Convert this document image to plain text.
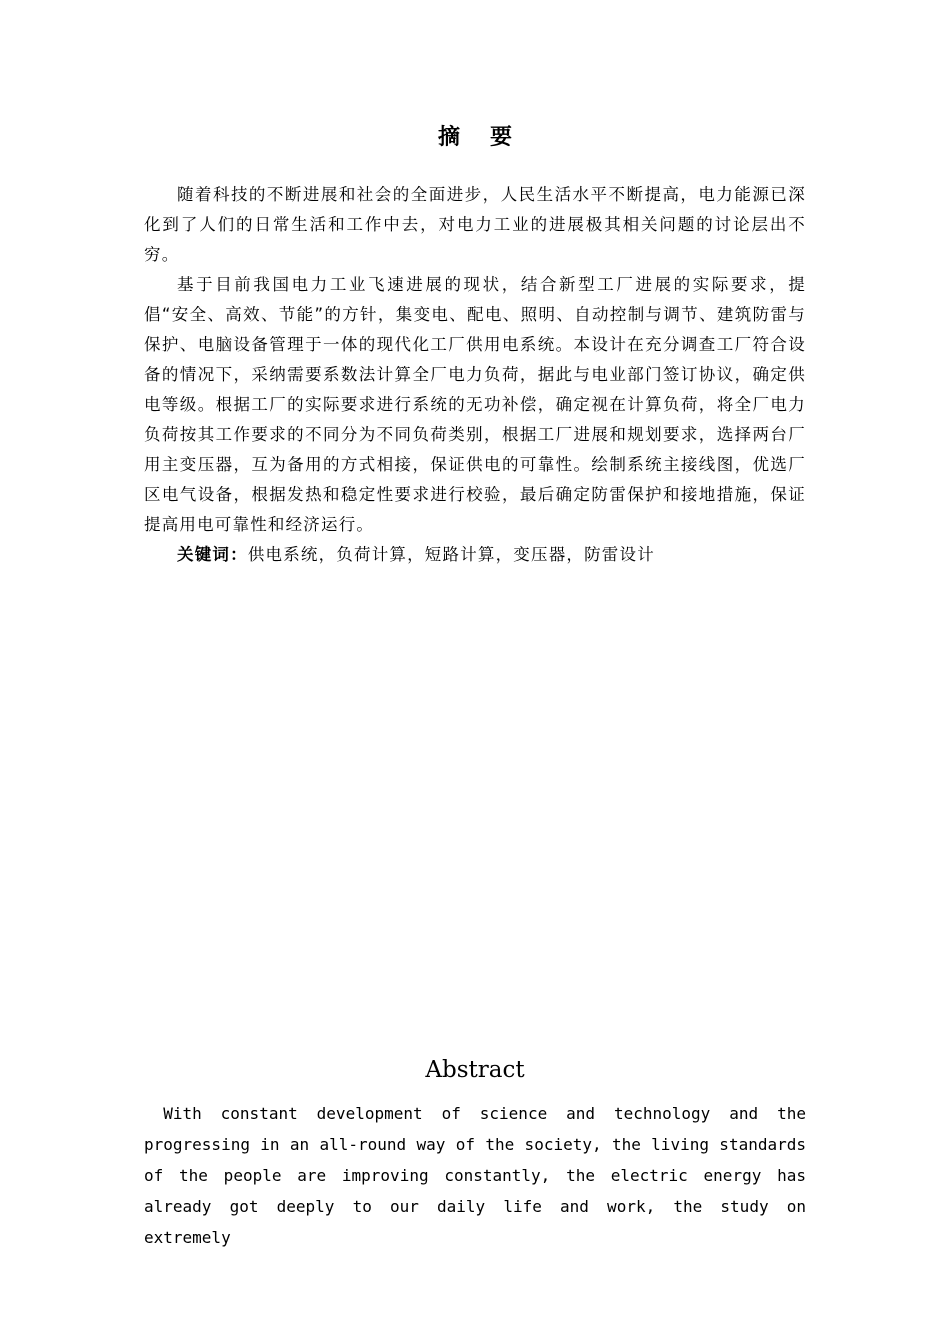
摘要

随着科技的不断进展和社会的全面进步，人民生活水平不断提高，电力能源已深化到了人们的日常生活和工作中去，对电力工业的进展极其相关问题的讨论层出不穷。

基于目前我国电力工业飞速进展的现状，结合新型工厂进展的实际要求，提倡“安全、高效、节能”的方针，集变电、配电、照明、自动控制与调节、建筑防雷与保护、电脑设备管理于一体的现代化工厂供用电系统。本设计在充分调查工厂符合设备的情况下，采纳需要系数法计算全厂电力负荷，据此与电业部门签订协议，确定供电等级。根据工厂的实际要求进行系统的无功补偿，确定视在计算负荷，将全厂电力负荷按其工作要求的不同分为不同负荷类别，根据工厂进展和规划要求，选择两台厂用主变压器，互为备用的方式相接，保证供电的可靠性。绘制系统主接线图，优选厂区电气设备，根据发热和稳定性要求进行校验，最后确定防雷保护和接地措施，保证提高用电可靠性和经济运行。

关键词：供电系统，负荷计算，短路计算，变压器，防雷设计

Abstract

With constant development of science and technology and the progressing in an all-round way of the society, the living standards of the people are improving constantly, the electric energy has already got deeply to our daily life and work, the study on extremely
